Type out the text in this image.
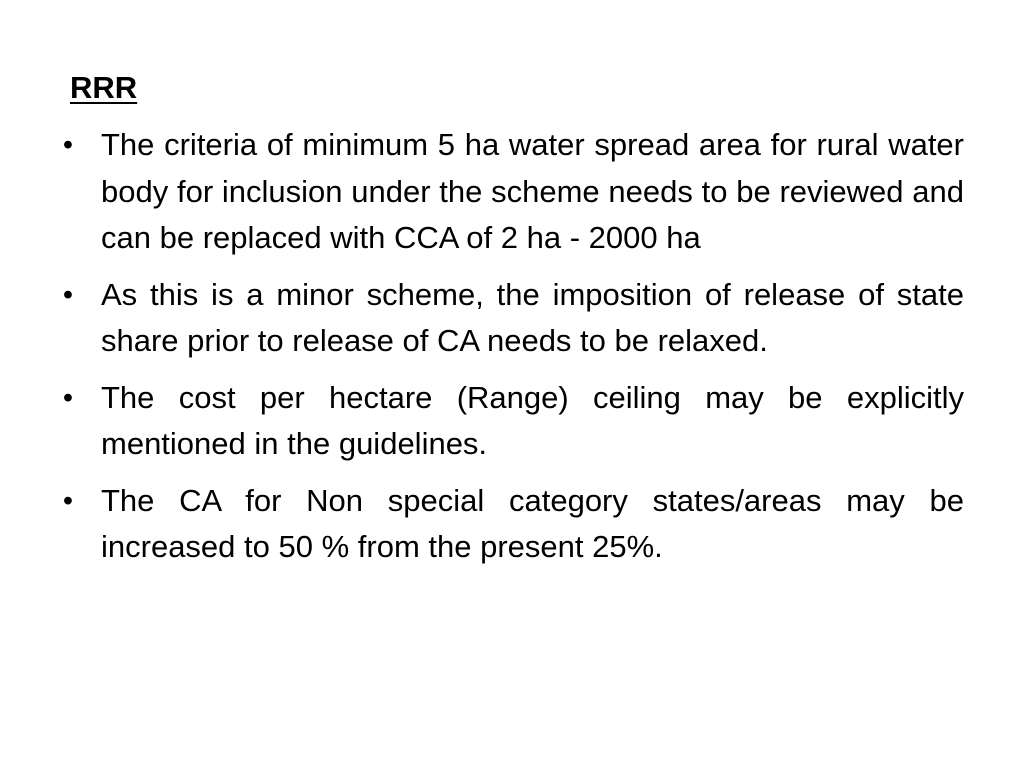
RRR
• The criteria of minimum 5 ha water spread area for rural water body for inclusion under the scheme needs to be reviewed and can be replaced with CCA of 2 ha - 2000 ha
• As this is a minor scheme, the imposition of release of state share prior to release of CA needs to be relaxed.
• The cost per hectare (Range) ceiling may be explicitly mentioned in the guidelines.
• The CA for Non special category states/areas may be increased to 50 % from the present 25%.
